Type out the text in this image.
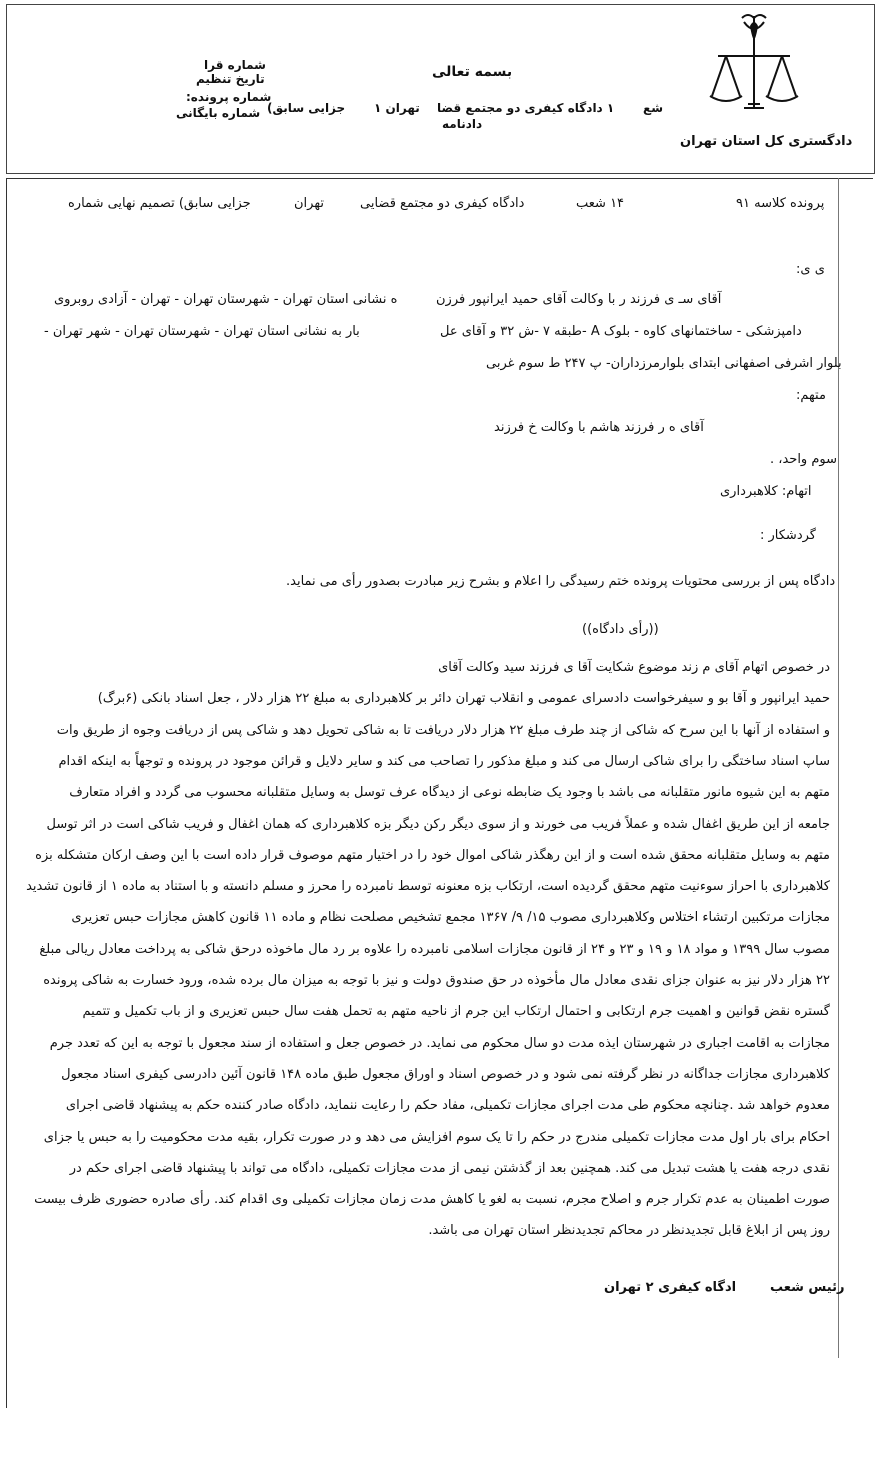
دادگستری کل استان تهران
بسمه تعالی
شع
۱ دادگاه کیفری دو مجتمع قضا
دادنامه
تهران ۱
جزایی سابق)
شماره قرا
تاریخ تنظیم
شماره پرونده:
شماره بایگانی
پرونده کلاسه ۹۱
۱۴ شعب
دادگاه کیفری دو مجتمع قضایی
تهران
جزایی سابق) تصمیم نهایی شماره
ی ی:
آقای سـ ی فرزند ر با وکالت آقای حمید ایرانپور فرزن
ه نشانی استان تهران - شهرستان تهران - تهران - آزادی روبروی
دامپزشکی - ساختمانهای کاوه - بلوک A -طبقه ۷ -ش ۳۲ و آقای عل
بار به نشانی استان تهران - شهرستان تهران - شهر تهران -
بلوار اشرفی اصفهانی ابتدای بلوارمرزداران- پ ۲۴۷ ط سوم غربی
متهم:
آقای ه ر فرزند هاشم با وکالت خ فرزند
سوم واحد، .
اتهام: کلاهبرداری
گردشکار :
دادگاه پس از بررسی محتویات پرونده ختم رسیدگی را اعلام و بشرح زیر مبادرت بصدور رأی می نماید.
((رأی دادگاه))
در خصوص اتهام آقای م زند موضوع شکایت آقا ی فرزند سید وکالت آقای
حمید ایرانپور و آقا بو و سیفرخواست دادسرای عمومی و انقلاب تهران دائر بر کلاهبرداری به مبلغ ۲۲ هزار دلار ، جعل اسناد بانکی (۶برگ)
و استفاده از آنها با این سرح که شاکی از چند طرف مبلغ ۲۲ هزار دلار دریافت تا به شاکی تحویل دهد و شاکی پس از دریافت وجوه از طریق وات
ساپ اسناد ساختگی را برای شاکی ارسال می کند و مبلغ مذکور را تصاحب می کند و سایر دلایل و قرائن موجود در پرونده و توجهاً به اینکه اقدام
متهم به این شیوه مانور متقلبانه می باشد با وجود یک ضابطه نوعی از دیدگاه عرف توسل به وسایل متقلبانه محسوب می گردد و افراد متعارف
جامعه از این طریق اغفال شده و عملاً فریب می خورند و از سوی دیگر رکن دیگر بزه کلاهبرداری که همان اغفال و فریب شاکی است در اثر توسل
متهم به وسایل متقلبانه محقق شده است و از این رهگذر شاکی اموال خود را در اختیار متهم موصوف قرار داده است با این وصف ارکان متشکله بزه
کلاهبرداری با احراز سوءنیت متهم محقق گردیده است، ارتکاب بزه معنونه توسط نامبرده را محرز و مسلم دانسته و با استناد به ماده ۱ از قانون تشدید
مجازات مرتکبین ارتشاء اختلاس وکلاهبرداری مصوب ۱۵/ ۹/ ۱۳۶۷ مجمع تشخیص مصلحت نظام و ماده ۱۱ قانون کاهش مجازات حبس تعزیری
مصوب سال ۱۳۹۹ و مواد ۱۸ و ۱۹ و ۲۳ و ۲۴ از قانون مجازات اسلامی نامبرده را علاوه بر رد مال ماخوذه درحق شاکی به پرداخت معادل ریالی مبلغ
۲۲ هزار دلار نیز به عنوان جزای نقدی معادل مال مأخوذه در حق صندوق دولت و نیز با توجه به میزان مال برده شده، ورود خسارت به شاکی پرونده
گستره نقض قوانین و اهمیت جرم ارتکابی و احتمال ارتکاب این جرم از ناحیه متهم به تحمل هفت سال حبس تعزیری و از باب تکمیل و تتمیم
مجازات به اقامت اجباری در شهرستان ایذه مدت دو سال محکوم می نماید. در خصوص جعل و استفاده از سند مجعول با توجه به این که تعدد جرم
کلاهبرداری مجازات جداگانه در نظر گرفته نمی شود و در خصوص اسناد و اوراق مجعول طبق ماده ۱۴۸ قانون آئین دادرسی کیفری اسناد مجعول
معدوم خواهد شد .چنانچه محکوم طی مدت اجرای مجازات تکمیلی، مفاد حکم را رعایت ننماید، دادگاه صادر کننده حکم به پیشنهاد قاضی اجرای
احکام برای بار اول مدت مجازات تکمیلی مندرج در حکم را تا یک سوم افزایش می دهد و در صورت تکرار، بقیه مدت محکومیت را به حبس یا جزای
نقدی درجه هفت یا هشت تبدیل می کند. همچنین بعد از گذشتن نیمی از مدت مجازات تکمیلی، دادگاه می تواند با پیشنهاد قاضی اجرای حکم در
صورت اطمینان به عدم تکرار جرم و اصلاح مجرم، نسبت به لغو یا کاهش مدت زمان مجازات تکمیلی وی اقدام کند. رأی صادره حضوری ظرف بیست
روز پس از ابلاغ قابل تجدیدنظر در محاکم تجدیدنظر استان تهران می باشد.
رئیس شعب
ادگاه کیفری ۲ تهران
